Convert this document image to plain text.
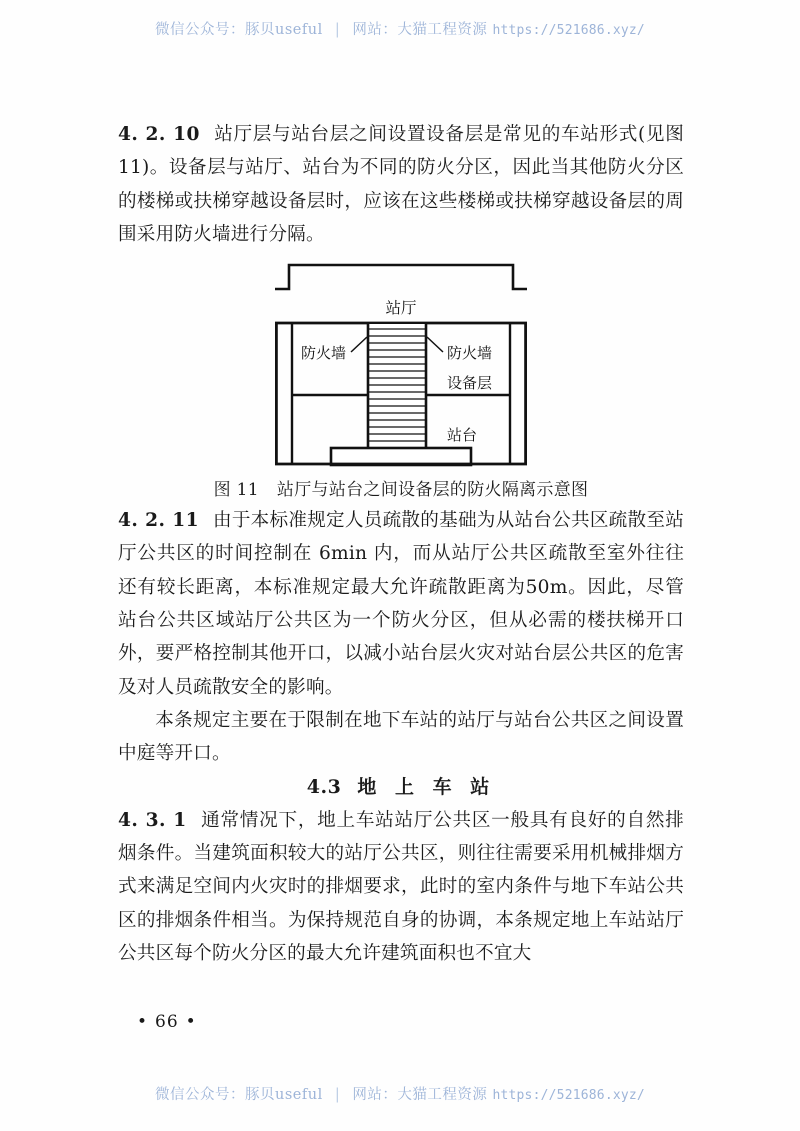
微信公众号：豚贝useful | 网站：大猫工程资源 https://521686.xyz/

4. 2. 10 站厅层与站台层之间设置设备层是常见的车站形式(见图 11)。设备层与站厅、站台为不同的防火分区，因此当其他防火分区的楼梯或扶梯穿越设备层时，应该在这些楼梯或扶梯穿越设备层的周围采用防火墙进行分隔。

站厅
防火墙	防火墙
设备层
站台

图 11 站厅与站台之间设备层的防火隔离示意图

4. 2. 11 由于本标准规定人员疏散的基础为从站台公共区疏散至站厅公共区的时间控制在 6min 内，而从站厅公共区疏散至室外往往还有较长距离，本标准规定最大允许疏散距离为50m。因此，尽管站台公共区域站厅公共区为一个防火分区，但从必需的楼扶梯开口外，要严格控制其他开口，以减小站台层火灾对站台层公共区的危害及对人员疏散安全的影响。

本条规定主要在于限制在地下车站的站厅与站台公共区之间设置中庭等开口。

4.3 地 上 车 站

4. 3. 1 通常情况下，地上车站站厅公共区一般具有良好的自然排烟条件。当建筑面积较大的站厅公共区，则往往需要采用机械排烟方式来满足空间内火灾时的排烟要求，此时的室内条件与地下车站公共区的排烟条件相当。为保持规范自身的协调，本条规定地上车站站厅公共区每个防火分区的最大允许建筑面积也不宜大

• 66 •
微信公众号：豚贝useful | 网站：大猫工程资源 https://521686.xyz/
